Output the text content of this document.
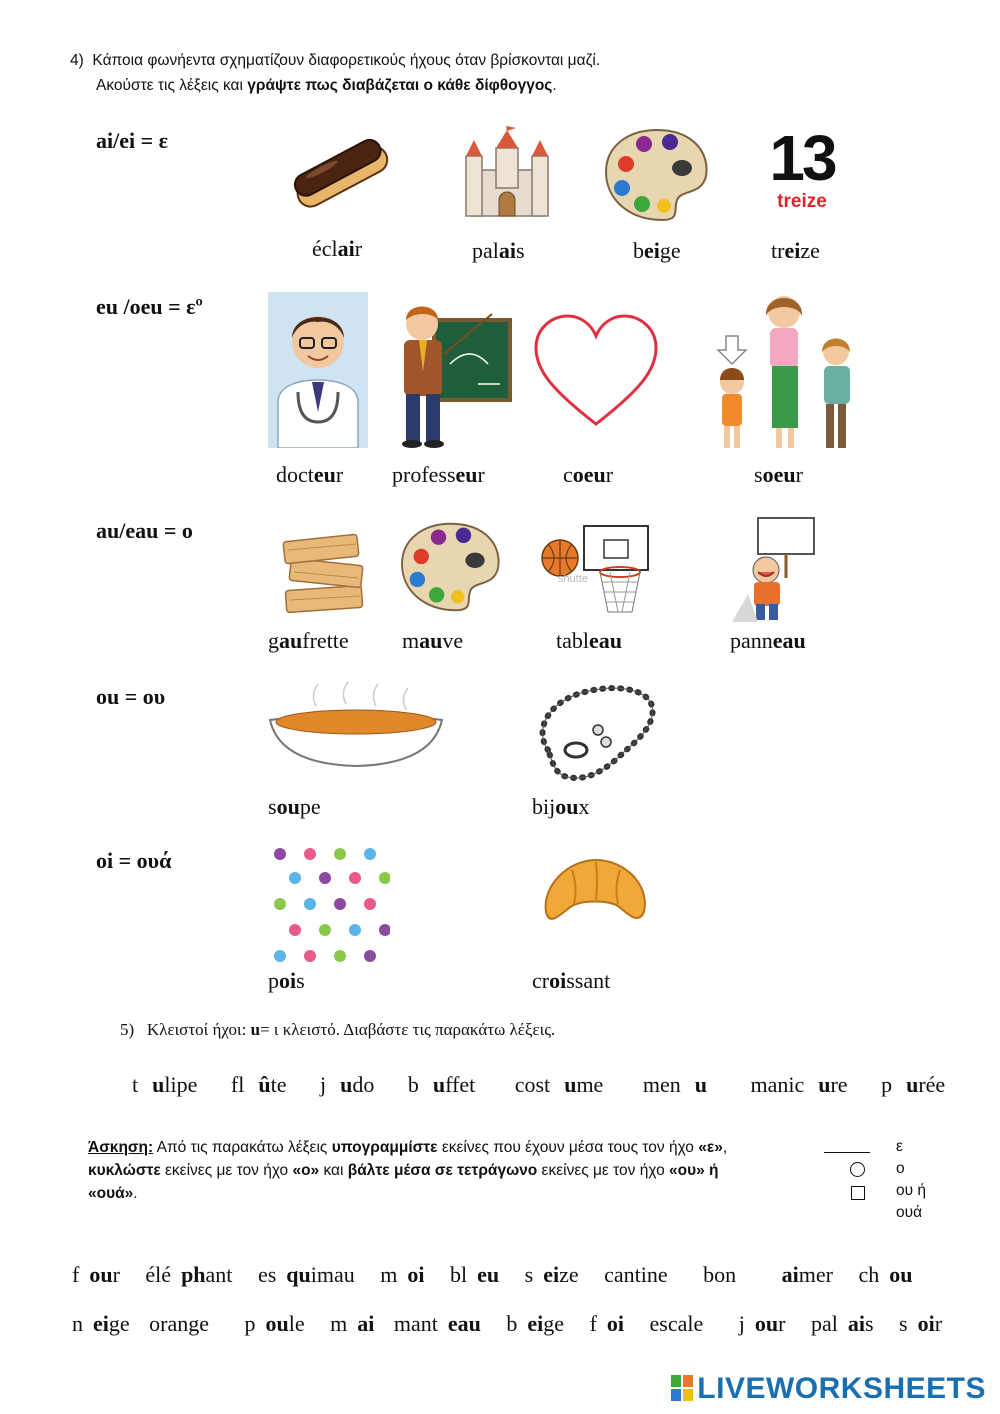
4) Κάποια φωνήεντα σχηματίζουν διαφορετικούς ήχους όταν βρίσκονται μαζί.
Ακούστε τις λέξεις και γράψτε πως διαβάζεται ο κάθε δίφθογγος.
ai/ei = ε
eu /oeu = εº
au/eau = o
ou = ου
oi = ουά
13
treize
éclair	palais	beige	treize
docteur professeur	coeur	soeur
shutte
gaufrette mauve	tableau	panneau
soupe	bijoux
pois	croissant
5) Κλειστοί ήχοι: u= ι κλειστό. Διαβάστε τις παρακάτω λέξεις.
t ulipe fl ûte j udo b uffet cost ume men u manic ure p urée
Άσκηση: Από τις παρακάτω λέξεις υπογραμμίστε εκείνες που έχουν μέσα τους τον ήχο «ε»,
κυκλώστε εκείνες με τον ήχο «ο» και βάλτε μέσα σε τετράγωνο εκείνες με τον ήχο «ου» ή
«ουά».
ε
ο
ου ή
ουά
f our élé phant es quimau m oi bl eu s eize cantine bon aimer ch ou
n eige orange p oule m ai mant eau b eige f oi escale j our pal ais s oir
LIVEWORKSHEETS
